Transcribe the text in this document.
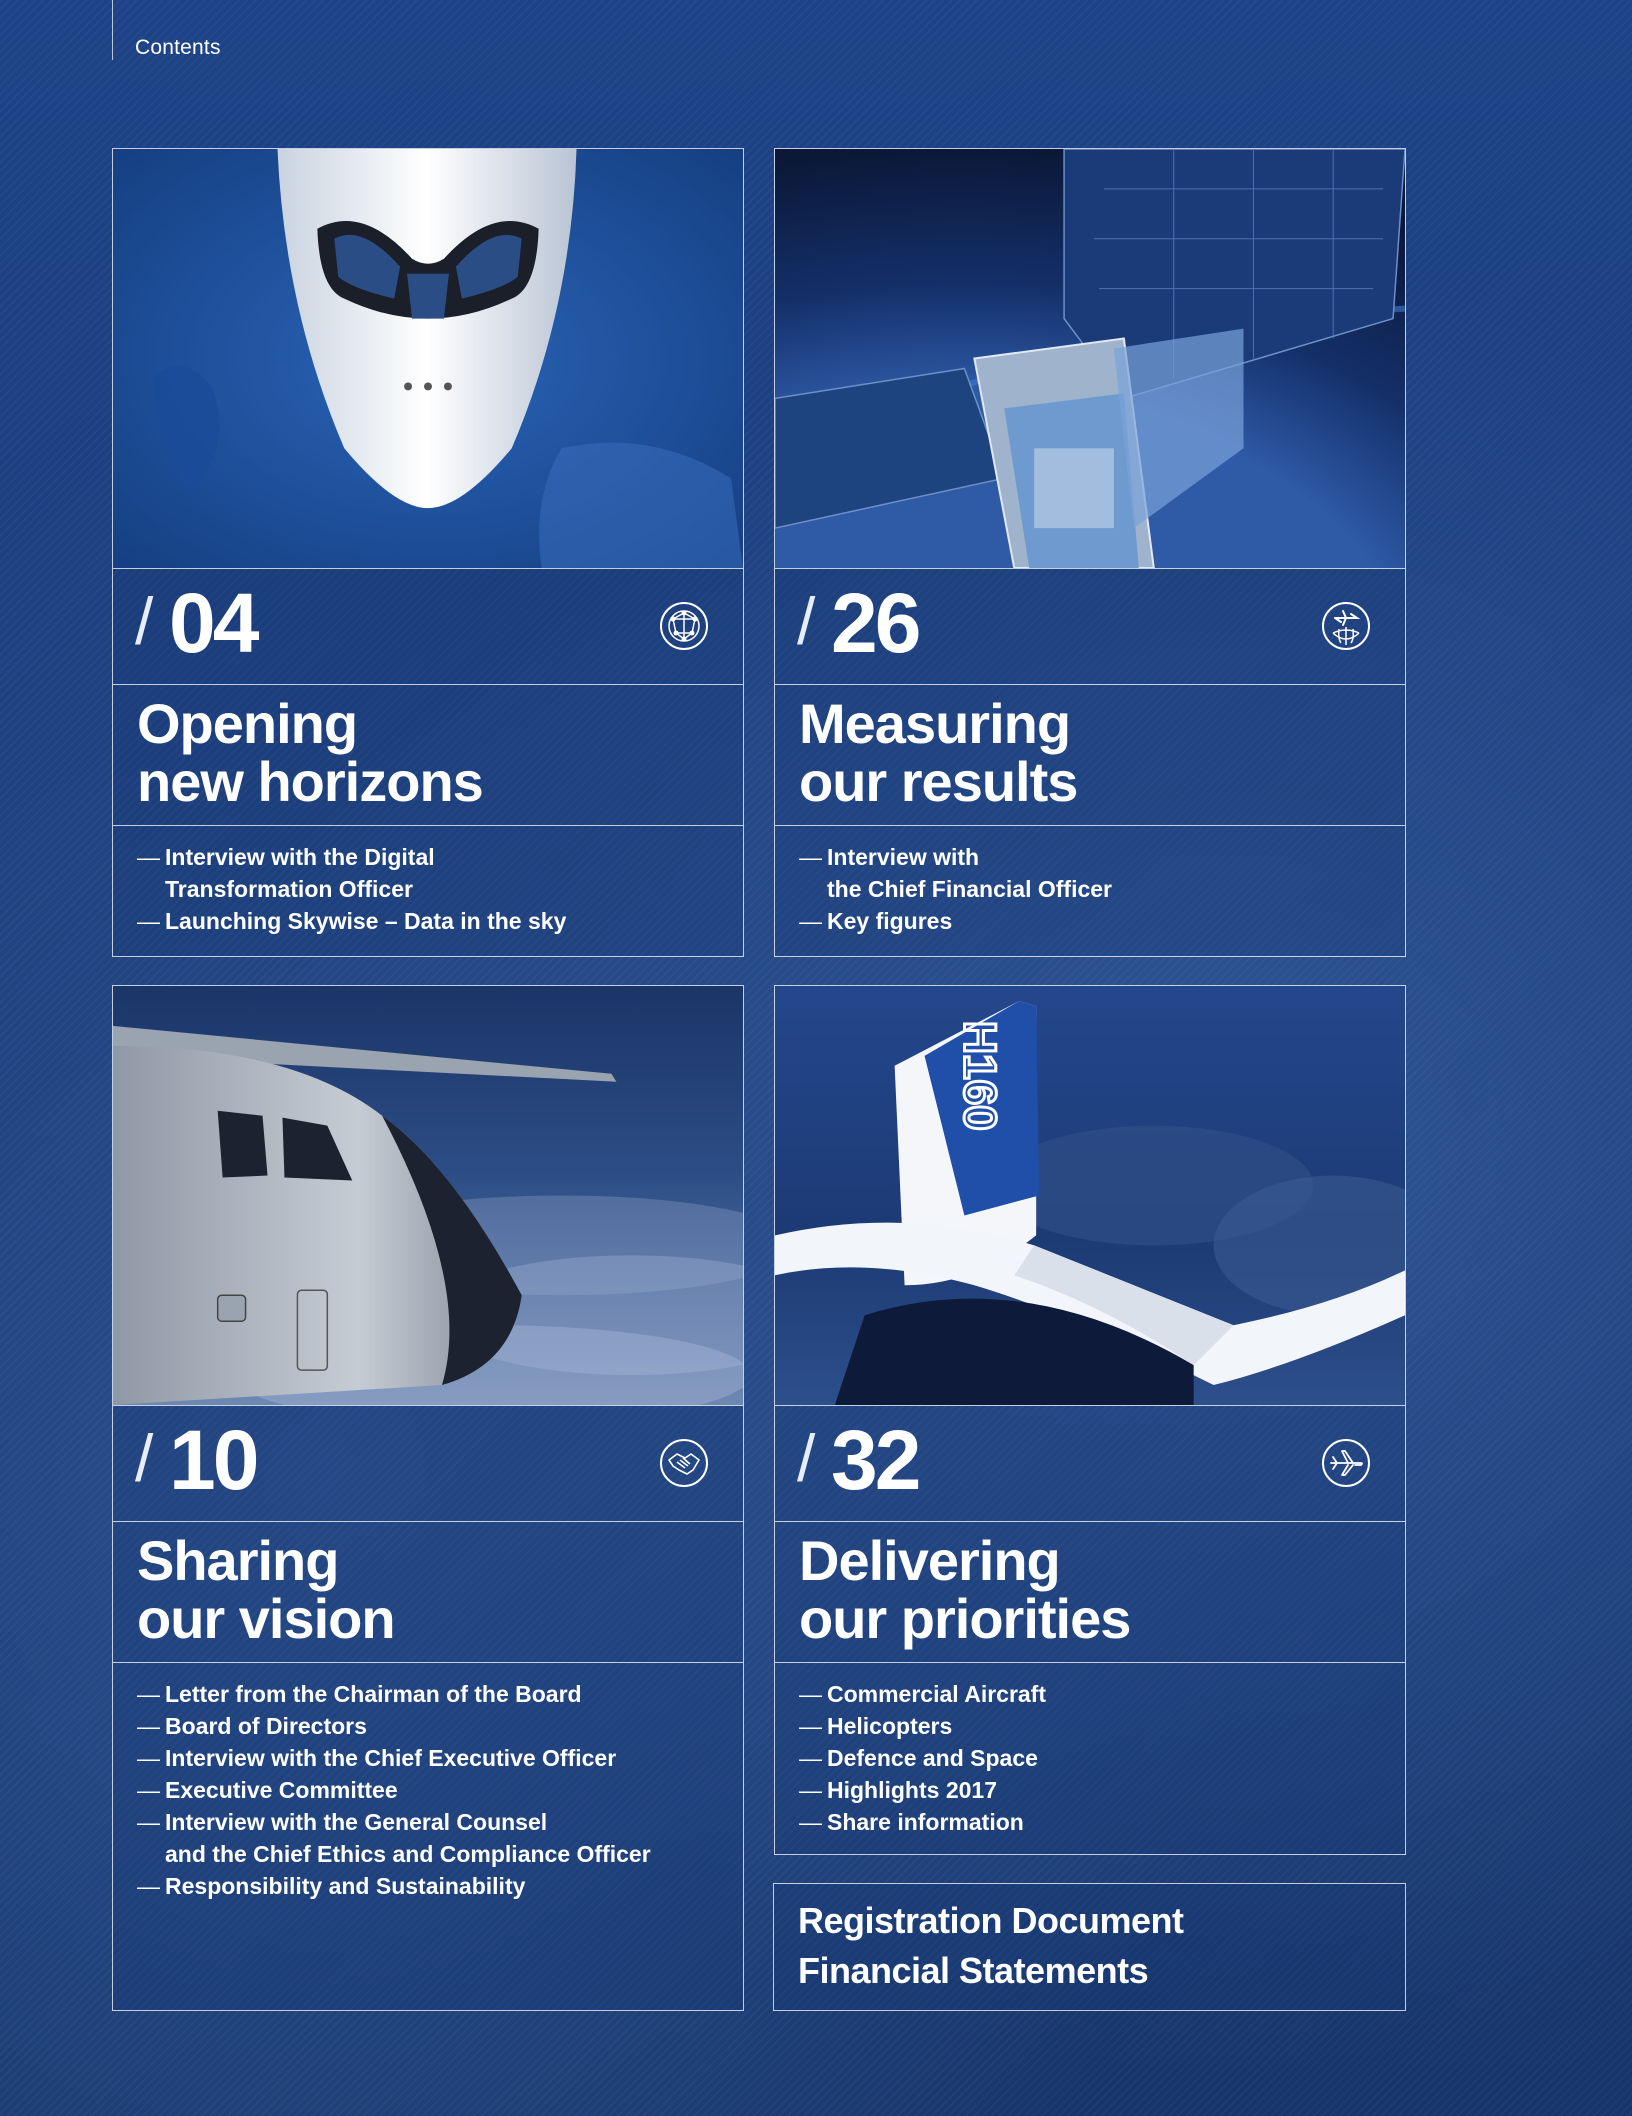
Contents
/ 04
Opening
new horizons
— Interview with the Digital
Transformation Officer
— Launching Skywise – Data in the sky
/ 26
Measuring
our results
— Interview with
the Chief Financial Officer
— Key figures
/ 10
Sharing
our vision
— Letter from the Chairman of the Board
— Board of Directors
— Interview with the Chief Executive Officer
— Executive Committee
— Interview with the General Counsel
and the Chief Ethics and Compliance Officer
— Responsibility and Sustainability
H160
/ 32
Delivering
our priorities
— Commercial Aircraft
— Helicopters
— Defence and Space
— Highlights 2017
— Share information
Registration Document
Financial Statements
